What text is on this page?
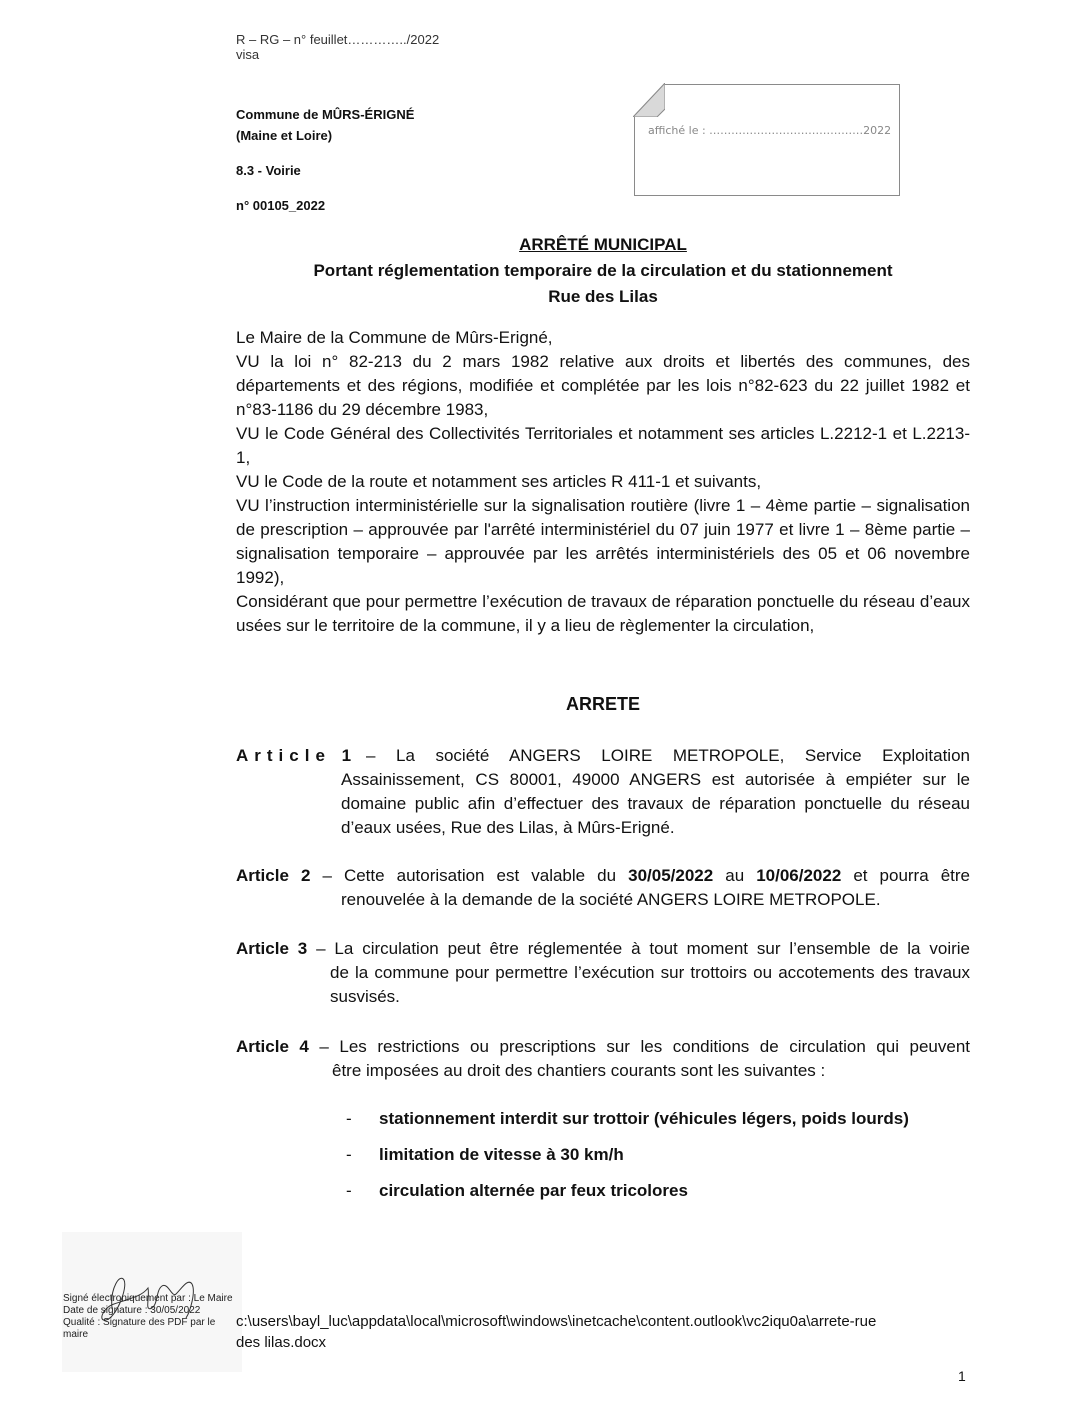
R – RG – n° feuillet…………../2022
visa
Commune de MÛRS-ÉRIGNÉ
(Maine et Loire)
8.3 - Voirie
n° 00105_2022
affiché le : ……………………………………2022
ARRÊTÉ MUNICIPAL
Portant réglementation temporaire de la circulation et du stationnement
Rue des Lilas

Le Maire de la Commune de Mûrs-Erigné,

VU la loi n° 82-213 du 2 mars 1982 relative aux droits et libertés des communes, des départements et des régions, modifiée et complétée par les lois n°82-623 du 22 juillet 1982 et n°83-1186 du 29 décembre 1983,

VU le Code Général des Collectivités Territoriales et notamment ses articles L.2212-1 et L.2213-1,

VU le Code de la route et notamment ses articles R 411-1 et suivants,

VU l’instruction interministérielle sur la signalisation routière (livre 1 – 4ème partie – signalisation de prescription – approuvée par l'arrêté interministériel du 07 juin 1977 et livre 1 – 8ème partie – signalisation temporaire – approuvée par les arrêtés interministériels des 05 et 06 novembre 1992),

Considérant que pour permettre l’exécution de travaux de réparation ponctuelle du réseau d’eaux usées sur le territoire de la commune, il y a lieu de règlementer la circulation,

ARRETE
Article 1 – La société ANGERS LOIRE METROPOLE, Service Exploitation
Assainissement, CS 80001, 49000 ANGERS est autorisée à empiéter sur le domaine public afin d’effectuer des travaux de réparation ponctuelle du réseau d’eaux usées, Rue des Lilas, à Mûrs-Erigné.
Article 2 – Cette autorisation est valable du 30/05/2022 au 10/06/2022 et pourra être
renouvelée à la demande de la société ANGERS LOIRE METROPOLE.
Article 3 – La circulation peut être réglementée à tout moment sur l’ensemble de la voirie
de la commune pour permettre l’exécution sur trottoirs ou accotements des travaux susvisés.
Article 4 – Les restrictions ou prescriptions sur les conditions de circulation qui peuvent
être imposées au droit des chantiers courants sont les suivantes :
- stationnement interdit sur trottoir (véhicules légers, poids lourds)
- limitation de vitesse à 30 km/h
- circulation alternée par feux tricolores
Signé électroniquement par : Le Maire
Date de signature : 30/05/2022
Qualité : Signature des PDF par le maire
c:\users\bayl_luc\appdata\local\microsoft\windows\inetcache\content.outlook\vc2iqu0a\arrete-rue
des lilas.docx
1
